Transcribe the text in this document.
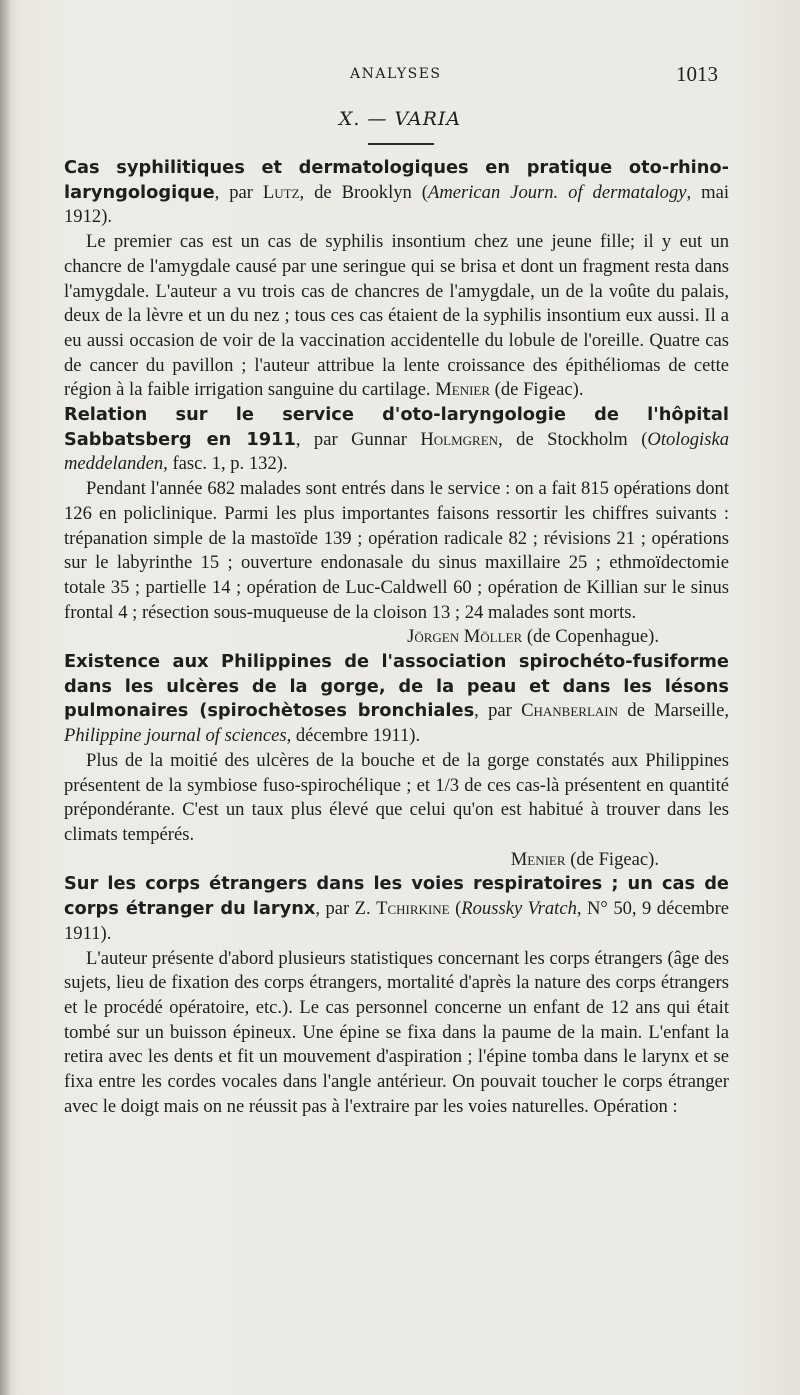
ANALYSES	1013
X. — VARIA

Cas syphilitiques et dermatologiques en pratique oto-rhino-laryngologique, par Lutz, de Brooklyn (American Journ. of dermatalogy, mai 1912).

Le premier cas est un cas de syphilis insontium chez une jeune fille; il y eut un chancre de l'amygdale causé par une seringue qui se brisa et dont un fragment resta dans l'amygdale. L'auteur a vu trois cas de chancres de l'amygdale, un de la voûte du palais, deux de la lèvre et un du nez ; tous ces cas étaient de la syphilis insontium eux aussi. Il a eu aussi occasion de voir de la vaccination accidentelle du lobule de l'oreille. Quatre cas de cancer du pavillon ; l'auteur attribue la lente croissance des épithéliomas de cette région à la faible irrigation sanguine du cartilage. Menier (de Figeac).

Relation sur le service d'oto-laryngologie de l'hôpital Sabbatsberg en 1911, par Gunnar Holmgren, de Stockholm (Otologiska meddelanden, fasc. 1, p. 132).

Pendant l'année 682 malades sont entrés dans le service : on a fait 815 opérations dont 126 en policlinique. Parmi les plus importantes faisons ressortir les chiffres suivants : trépanation simple de la mastoïde 139 ; opération radicale 82 ; révisions 21 ; opérations sur le labyrinthe 15 ; ouverture endonasale du sinus maxillaire 25 ; ethmoïdectomie totale 35 ; partielle 14 ; opération de Luc-Caldwell 60 ; opération de Killian sur le sinus frontal 4 ; résection sous-muqueuse de la cloison 13 ; 24 malades sont morts.

Jörgen Möller (de Copenhague).

Existence aux Philippines de l'association spirochéto-fusiforme dans les ulcères de la gorge, de la peau et dans les lésons pulmonaires (spirochètoses bronchiales, par Chanberlain de Marseille, Philippine journal of sciences, décembre 1911).

Plus de la moitié des ulcères de la bouche et de la gorge constatés aux Philippines présentent de la symbiose fuso-spirochélique ; et 1/3 de ces cas-là présentent en quantité prépondérante. C'est un taux plus élevé que celui qu'on est habitué à trouver dans les climats tempérés.

Menier (de Figeac).

Sur les corps étrangers dans les voies respiratoires ; un cas de corps étranger du larynx, par Z. Tchirkine (Roussky Vratch, N° 50, 9 décembre 1911).

L'auteur présente d'abord plusieurs statistiques concernant les corps étrangers (âge des sujets, lieu de fixation des corps étrangers, mortalité d'après la nature des corps étrangers et le procédé opératoire, etc.). Le cas personnel concerne un enfant de 12 ans qui était tombé sur un buisson épineux. Une épine se fixa dans la paume de la main. L'enfant la retira avec les dents et fit un mouvement d'aspiration ; l'épine tomba dans le larynx et se fixa entre les cordes vocales dans l'angle antérieur. On pouvait toucher le corps étranger avec le doigt mais on ne réussit pas à l'extraire par les voies naturelles. Opération :
